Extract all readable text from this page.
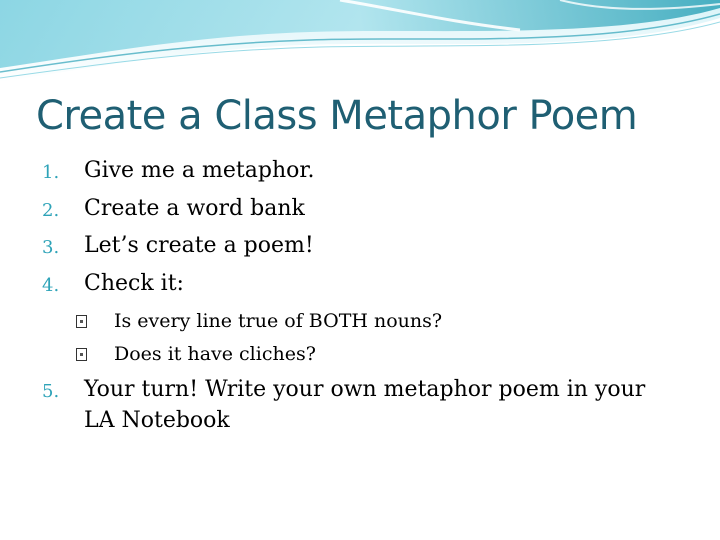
Create a Class Metaphor Poem
1. Give me a metaphor.
2. Create a word bank
3. Let’s create a poem!
4. Check it:
Is every line true of BOTH nouns?
Does it have cliches?
5. Your turn! Write your own metaphor poem in your
LA Notebook
